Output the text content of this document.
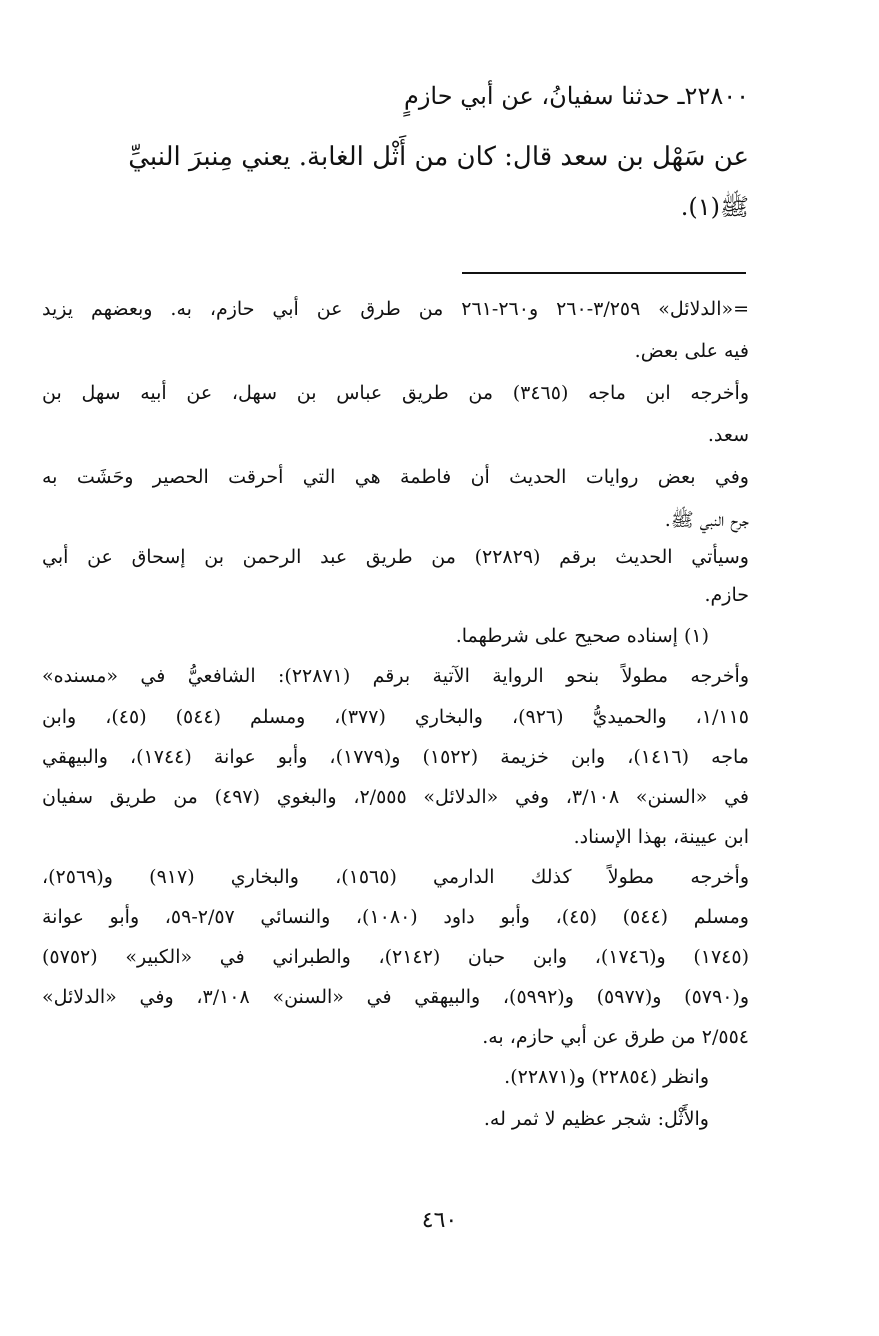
٢٢٨٠٠ـ حدثنا سفيانُ، عن أبي حازمٍ
عن سَهْل بن سعد قال: كان من أَثْل الغابة. يعني مِنبرَ النبيِّ
ﷺ(١).
=«الدلائل» ٣/٢٥٩-٢٦٠ و٢٦٠-٢٦١ من طرق عن أبي حازم، به. وبعضهم يزيد
فيه على بعض.
وأخرجه ابن ماجه (٣٤٦٥) من طريق عباس بن سهل، عن أبيه سهل بن
سعد.
وفي بعض روايات الحديث أن فاطمة هي التي أحرقت الحصير وحَشَت به
جرح النبي ﷺ.
وسيأتي الحديث برقم (٢٢٨٢٩) من طريق عبد الرحمن بن إسحاق عن أبي
حازم.
(١) إسناده صحيح على شرطهما.
وأخرجه مطولاً بنحو الرواية الآتية برقم (٢٢٨٧١): الشافعيُّ في «مسنده»
١/١١٥، والحميديُّ (٩٢٦)، والبخاري (٣٧٧)، ومسلم (٥٤٤) (٤٥)، وابن
ماجه (١٤١٦)، وابن خزيمة (١٥٢٢) و(١٧٧٩)، وأبو عوانة (١٧٤٤)، والبيهقي
في «السنن» ٣/١٠٨، وفي «الدلائل» ٢/٥٥٥، والبغوي (٤٩٧) من طريق سفيان
ابن عيينة، بهذا الإسناد.
وأخرجه مطولاً كذلك الدارمي (١٥٦٥)، والبخاري (٩١٧) و(٢٥٦٩)،
ومسلم (٥٤٤) (٤٥)، وأبو داود (١٠٨٠)، والنسائي ٢/٥٧-٥٩، وأبو عوانة
(١٧٤٥) و(١٧٤٦)، وابن حبان (٢١٤٢)، والطبراني في «الكبير» (٥٧٥٢)
و(٥٧٩٠) و(٥٩٧٧) و(٥٩٩٢)، والبيهقي في «السنن» ٣/١٠٨، وفي «الدلائل»
٢/٥٥٤ من طرق عن أبي حازم، به.
وانظر (٢٢٨٥٤) و(٢٢٨٧١).
والأَثْل: شجر عظيم لا ثمر له.
٤٦٠
